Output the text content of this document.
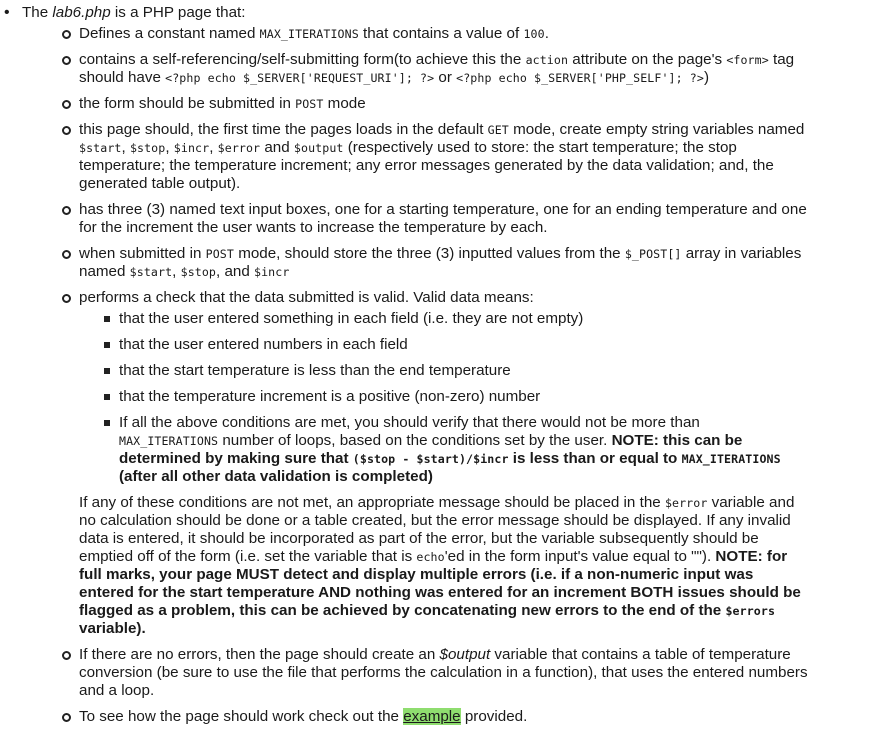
• The lab6.php is a PHP page that:
Defines a constant named MAX_ITERATIONS that contains a value of 100.
contains a self-referencing/self-submitting form(to achieve this the action attribute on the page's <form> tag
should have <?php echo $_SERVER['REQUEST_URI']; ?> or <?php echo $_SERVER['PHP_SELF']; ?>)
the form should be submitted in POST mode
this page should, the first time the pages loads in the default GET mode, create empty string variables named
$start, $stop, $incr, $error and $output (respectively used to store: the start temperature; the stop
temperature; the temperature increment; any error messages generated by the data validation; and, the
generated table output).
has three (3) named text input boxes, one for a starting temperature, one for an ending temperature and one
for the increment the user wants to increase the temperature by each.
when submitted in POST mode, should store the three (3) inputted values from the $_POST[] array in variables
named $start, $stop, and $incr
performs a check that the data submitted is valid. Valid data means:
that the user entered something in each field (i.e. they are not empty)
that the user entered numbers in each field
that the start temperature is less than the end temperature
that the temperature increment is a positive (non-zero) number
If all the above conditions are met, you should verify that there would not be more than
MAX_ITERATIONS number of loops, based on the conditions set by the user. NOTE: this can be
determined by making sure that ($stop - $start)/$incr is less than or equal to MAX_ITERATIONS
(after all other data validation is completed)
If any of these conditions are not met, an appropriate message should be placed in the $error variable and
no calculation should be done or a table created, but the error message should be displayed. If any invalid
data is entered, it should be incorporated as part of the error, but the variable subsequently should be
emptied off of the form (i.e. set the variable that is echo'ed in the form input's value equal to ""). NOTE: for
full marks, your page MUST detect and display multiple errors (i.e. if a non-numeric input was
entered for the start temperature AND nothing was entered for an increment BOTH issues should be
flagged as a problem, this can be achieved by concatenating new errors to the end of the $errors
variable).
If there are no errors, then the page should create an $output variable that contains a table of temperature
conversion (be sure to use the file that performs the calculation in a function), that uses the entered numbers
and a loop.
To see how the page should work check out the example provided.
